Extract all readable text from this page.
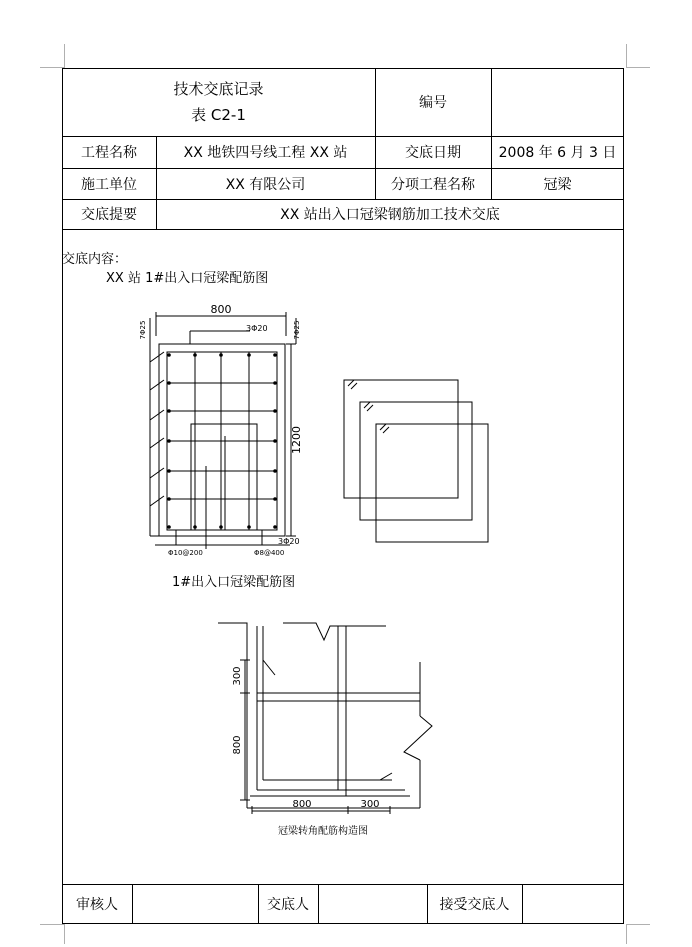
技术交底记录
表 C2-1
编号
工程名称	XX 地铁四号线工程 XX 站	交底日期	2008 年 6 月 3 日
施工单位	XX 有限公司	分项工程名称	冠梁
交底提要	XX 站出入口冠梁钢筋加工技术交底
交底内容：
XX 站 1#出入口冠梁配筋图
800
1200
3Φ20
3Φ20
7Φ25	7Φ25
Φ10@200	Φ8@400
1#出入口冠梁配筋图
300
800
800	300
冠梁转角配筋构造图
审核人	交底人	接受交底人
